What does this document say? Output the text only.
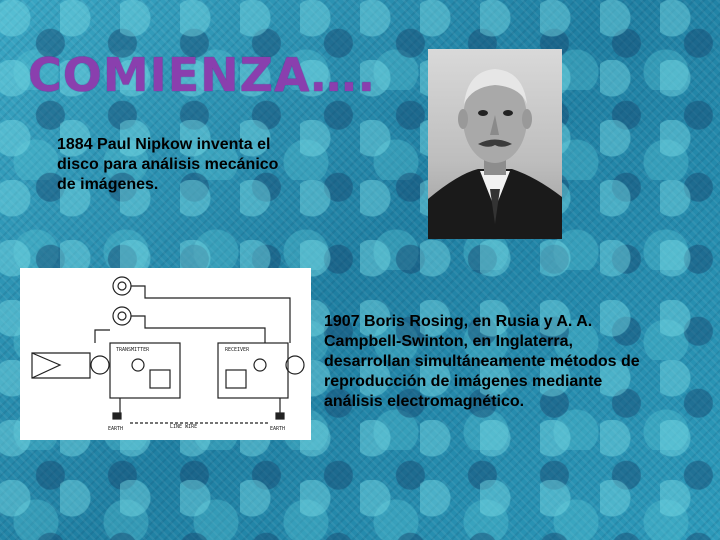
COMIENZA….
1884 Paul Nipkow inventa el disco para análisis mecánico de imágenes.
TRANSMITTER	RECEIVER
LINE WIRE
EARTH	EARTH
1907 Boris Rosing, en Rusia y A. A. Campbell-Swinton, en Inglaterra, desarrollan simultáneamente métodos de reproducción de imágenes mediante análisis electromagnético.
